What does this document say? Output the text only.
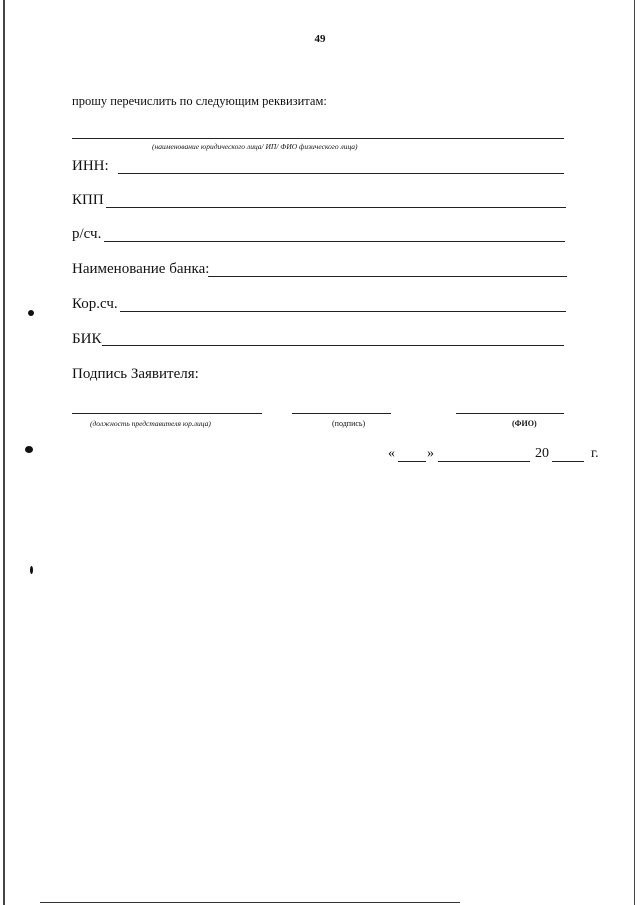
49
прошу перечислить по следующим реквизитам:
(наименование юридического лица/ ИП/ ФИО физического лица)
ИНН:
КПП
р/сч.
Наименование банка:
Кор.сч.
БИК
Подпись Заявителя:
(должность представителя юр.лица)	(подпись)	(ФИО)
« »	20	г.
